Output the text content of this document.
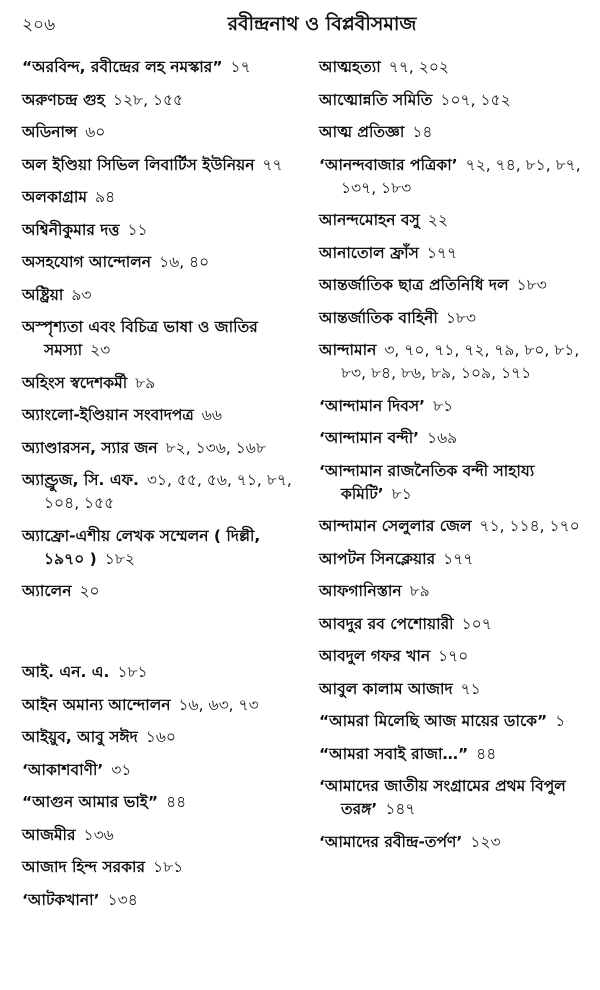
২০৬	রবীন্দ্রনাথ ও বিপ্লবীসমাজ
“অরবিন্দ, রবীন্দ্রের লহ নমস্কার” ১৭
অরুণচন্দ্র গুহ ১২৮, ১৫৫
অডিনান্স ৬০
অল ইণ্ডিয়া সিভিল লিবার্টিস ইউনিয়ন ৭৭
অলকাগ্রাম ৯৪
অশ্বিনীকুমার দত্ত ১১
অসহযোগ আন্দোলন ১৬, ৪০
অষ্ট্রিয়া ৯৩
অস্পৃশ্যতা এবং বিচিত্র ভাষা ও জাতির সমস্যা ২৩
অহিংস স্বদেশকর্মী ৮৯
অ্যাংলো-ইণ্ডিয়ান সংবাদপত্র ৬৬
অ্যাণ্ডারসন, স্যার জন ৮২, ১৩৬, ১৬৮
অ্যাণ্ড্রুজ, সি. এফ. ৩১, ৫৫, ৫৬, ৭১, ৮৭, ১০৪, ১৫৫
অ্যাফ্রো-এশীয় লেখক সম্মেলন ( দিল্লী, ১৯৭০ ) ১৮২
অ্যালেন ২০
আই. এন. এ. ১৮১
আইন অমান্য আন্দোলন ১৬, ৬৩, ৭৩
আইয়ুব, আবু সঈদ ১৬০
‘আকাশবাণী’ ৩১
“আগুন আমার ভাই” ৪৪
আজমীর ১৩৬
আজাদ হিন্দ সরকার ১৮১
‘আটকখানা’ ১৩৪
আত্মহত্যা ৭৭, ২০২
আত্মোন্নতি সমিতি ১০৭, ১৫২
আত্ম প্রতিজ্ঞা ১৪
‘আনন্দবাজার পত্রিকা’ ৭২, ৭৪, ৮১, ৮৭, ১৩৭, ১৮৩
আনন্দমোহন বসু ২২
আনাতোল ফ্রাঁস ১৭৭
আন্তর্জাতিক ছাত্র প্রতিনিধি দল ১৮৩
আন্তর্জাতিক বাহিনী ১৮৩
আন্দামান ৩, ৭০, ৭১, ৭২, ৭৯, ৮০, ৮১, ৮৩, ৮৪, ৮৬, ৮৯, ১০৯, ১৭১
‘আন্দামান দিবস’ ৮১
‘আন্দামান বন্দী’ ১৬৯
‘আন্দামান রাজনৈতিক বন্দী সাহায্য কমিটি’ ৮১
আন্দামান সেলুলার জেল ৭১, ১১৪, ১৭০
আপটন সিনক্লেয়ার ১৭৭
আফগানিস্তান ৮৯
আবদুর রব পেশোয়ারী ১০৭
আবদুল গফর খান ১৭০
আবুল কালাম আজাদ ৭১
“আমরা মিলেছি আজ মায়ের ডাকে” ১
“আমরা সবাই রাজা…” ৪৪
‘আমাদের জাতীয় সংগ্রামের প্রথম বিপুল তরঙ্গ’ ১৪৭
‘আমাদের রবীন্দ্র-তর্পণ’ ১২৩
